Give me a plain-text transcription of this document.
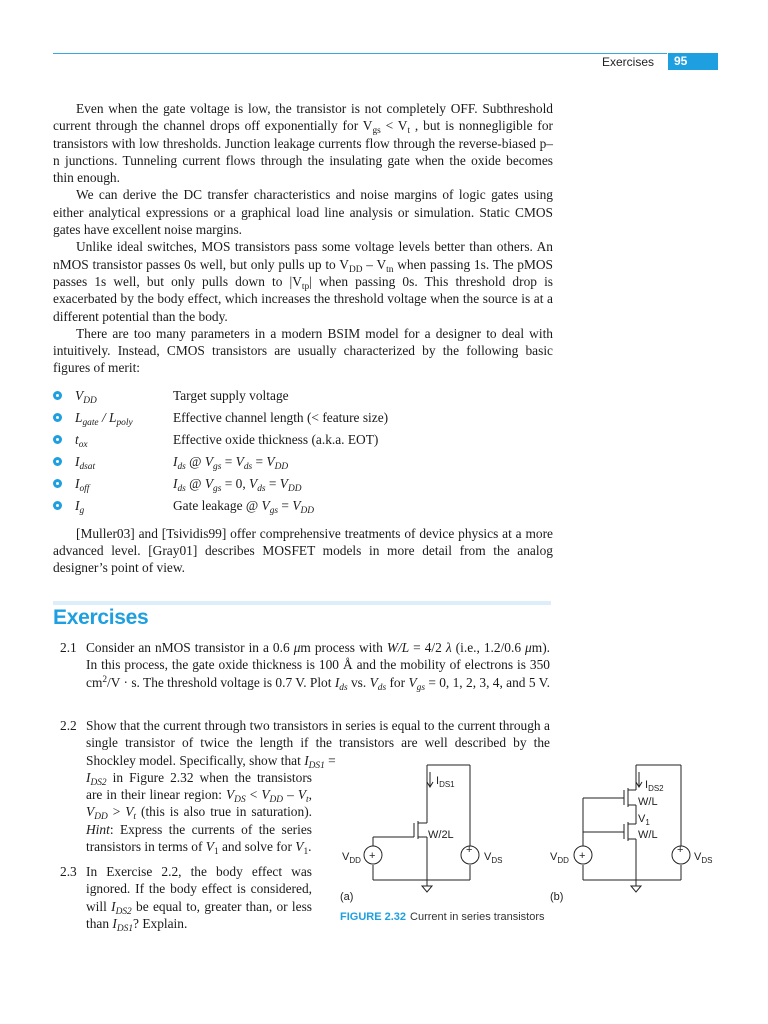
Exercises	95

Even when the gate voltage is low, the transistor is not completely OFF. Subthreshold current through the channel drops off exponentially for $V_{gs} < V_t$ , but is nonnegligible for transistors with low thresholds. Junction leakage currents flow through the reverse-biased p–n junctions. Tunneling current flows through the insulating gate when the oxide becomes thin enough.

We can derive the DC transfer characteristics and noise margins of logic gates using either analytical expressions or a graphical load line analysis or simulation. Static CMOS gates have excellent noise margins.

Unlike ideal switches, MOS transistors pass some voltage levels better than others. An nMOS transistor passes 0s well, but only pulls up to $V_{DD} - V_{tn}$ when passing 1s. The pMOS passes 1s well, but only pulls down to $|V_{tp}|$ when passing 0s. This threshold drop is exacerbated by the body effect, which increases the threshold voltage when the source is at a different potential than the body.

There are too many parameters in a modern BSIM model for a designer to deal with intuitively. Instead, CMOS transistors are usually characterized by the following basic figures of merit:

$V_{DD}$	Target supply voltage
$L_{gate} / L_{poly}$	Effective channel length (< feature size)
$t_{ox}$	Effective oxide thickness (a.k.a. EOT)
$I_{dsat}$	$I_{ds}$ @ $V_{gs} = V_{ds} = V_{DD}$
$I_{off}$	$I_{ds}$ @ $V_{gs} = 0$, $V_{ds} = V_{DD}$
$I_g$	Gate leakage @ $V_{gs} = V_{DD}$

[Muller03] and [Tsividis99] offer comprehensive treatments of device physics at a more advanced level. [Gray01] describes MOSFET models in more detail from the analog designer’s point of view.

Exercises
2.1 Consider an nMOS transistor in a 0.6 μm process with W/L = 4/2 λ (i.e., 1.2/0.6 μm). In this process, the gate oxide thickness is 100 Å and the mobility of electrons is 350 $cm^2/V \cdot s$. The threshold voltage is 0.7 V. Plot $I_{ds}$ vs. $V_{ds}$ for $V_{gs} = 0$, 1, 2, 3, 4, and 5 V.

2.2 Show that the current through two transistors in series is equal to the current through a single transistor of twice the length if the transistors are well described by the Shockley model. Specifically, show that $I_{DS1}$ =
$I_{DS2}$ in Figure 2.32 when the transistors are in their linear region: $V_{DS} < V_{DD} - V_t$, $V_{DD} > V_t$ (this is also true in saturation). Hint: Express the currents of the series transistors in terms of $V_1$ and solve for $V_1$.

2.3 In Exercise 2.2, the body effect was ignored. If the body effect is considered, will $I_{DS2}$ be equal to, greater than, or less than $I_{DS1}$? Explain.

+	+
$V_{DD}$	$V_{DS}$
$I_{DS1}$
W/2L
+	+
$V_{DD}$	$V_{DS}$
$I_{DS2}$
W/L
$V_1$
W/L
(a)	(b)
FIGURE 2.32 Current in series transistors
